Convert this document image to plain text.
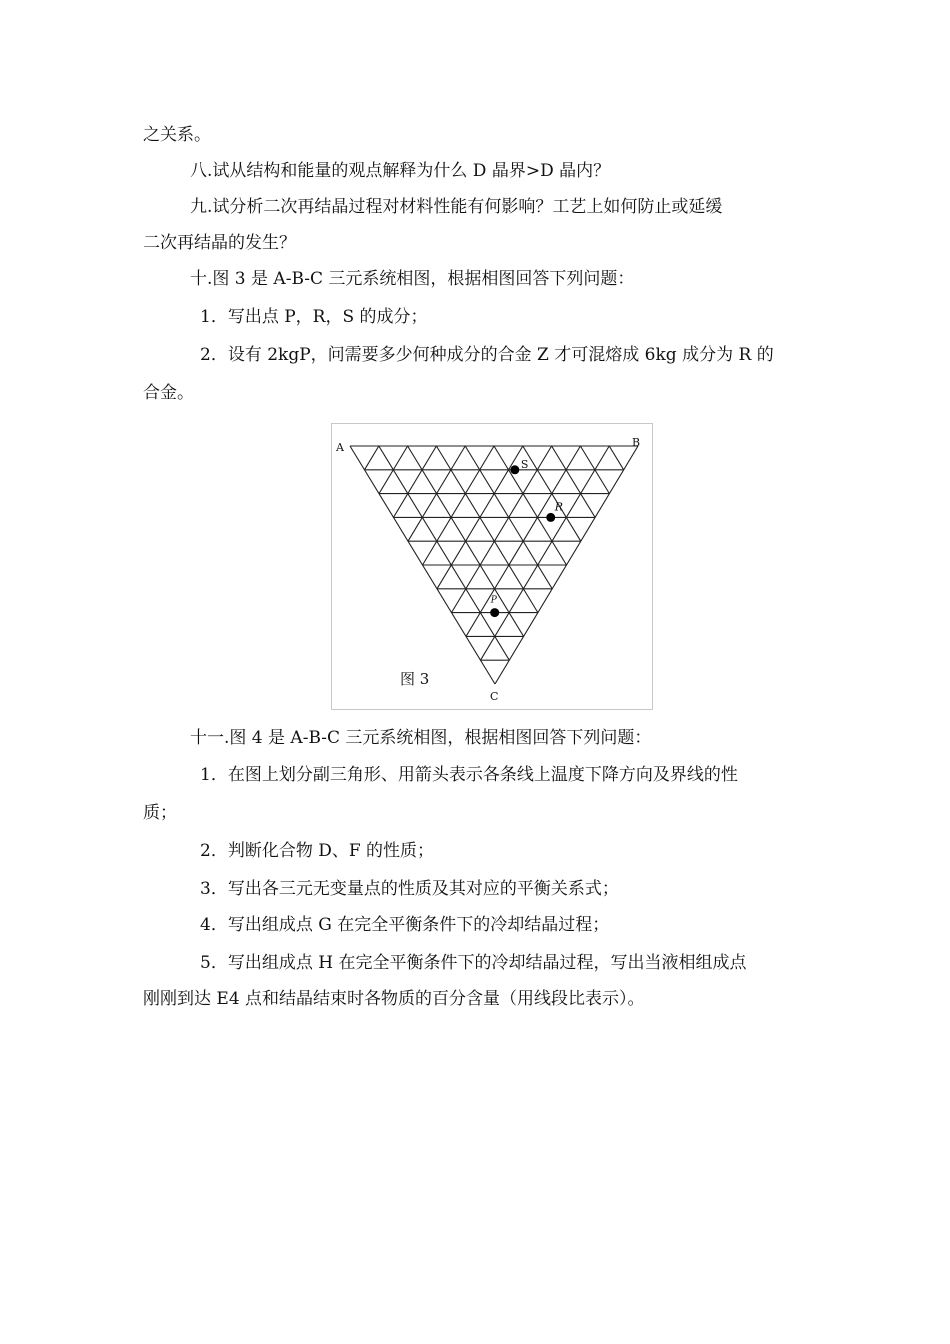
之关系。
八.试从结构和能量的观点解释为什么 D 晶界>D 晶内？
九.试分析二次再结晶过程对材料性能有何影响？工艺上如何防止或延缓
二次再结晶的发生？
十.图 3 是 A-B-C 三元系统相图，根据相图回答下列问题：
1．写出点 P，R，S 的成分；
2．设有 2kgP，问需要多少何种成分的合金 Z 才可混熔成 6kg 成分为 R 的
合金。
A	B
C
S
R
P
图 3
十一.图 4 是 A-B-C 三元系统相图，根据相图回答下列问题：
1．在图上划分副三角形、用箭头表示各条线上温度下降方向及界线的性
质；
2．判断化合物 D、F 的性质；
3．写出各三元无变量点的性质及其对应的平衡关系式；
4．写出组成点 G 在完全平衡条件下的冷却结晶过程；
5．写出组成点 H 在完全平衡条件下的冷却结晶过程，写出当液相组成点
刚刚到达 E4 点和结晶结束时各物质的百分含量（用线段比表示）。
